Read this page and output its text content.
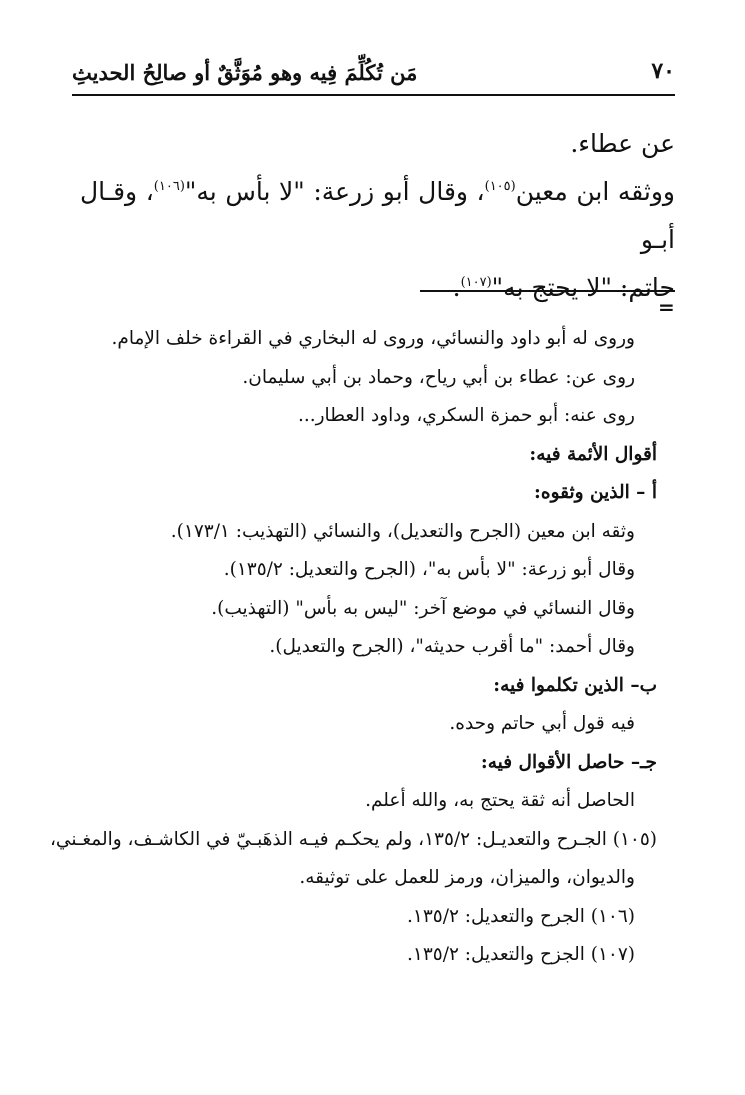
٧٠
مَن تُكُلِّمَ فِيه وهو مُوَثَّقٌ أو صالِحُ الحديثِ

عن عطاء.

ووثقه ابن معين$^{(١٠٥)}$، وقال أبو زرعة: "لا بأس به"$^{(١٠٦)}$، وقـال أبـو

حاتم: "لا يحتج به"$^{(١٠٧)}$.

=

وروى له أبو داود والنسائي، وروى له البخاري في القراءة خلف الإمام.

روى عن: عطاء بن أبي رياح، وحماد بن أبي سليمان.

روى عنه: أبو حمزة السكري، وداود العطار...

أقوال الأئمة فيه:

أ – الذين وثقوه:

وثقه ابن معين (الجرح والتعديل)، والنسائي (التهذيب: ١٧٣/١).

وقال أبو زرعة: "لا بأس به"، (الجرح والتعديل: ١٣٥/٢).

وقال النسائي في موضع آخر: "ليس به بأس" (التهذيب).

وقال أحمد: "ما أقرب حديثه"، (الجرح والتعديل).

ب– الذين تكلموا فيه:

فيه قول أبي حاتم وحده.

جـ– حاصل الأقوال فيه:

الحاصل أنه ثقة يحتج به، والله أعلم.

(١٠٥) الجـرح والتعديـل: ١٣٥/٢، ولم يحكـم فيـه الذهَبـيّ في الكاشـف، والمغـني،

والديوان، والميزان، ورمز للعمل على توثيقه.

(١٠٦) الجرح والتعديل: ١٣٥/٢.

(١٠٧) الجزح والتعديل: ١٣٥/٢.
